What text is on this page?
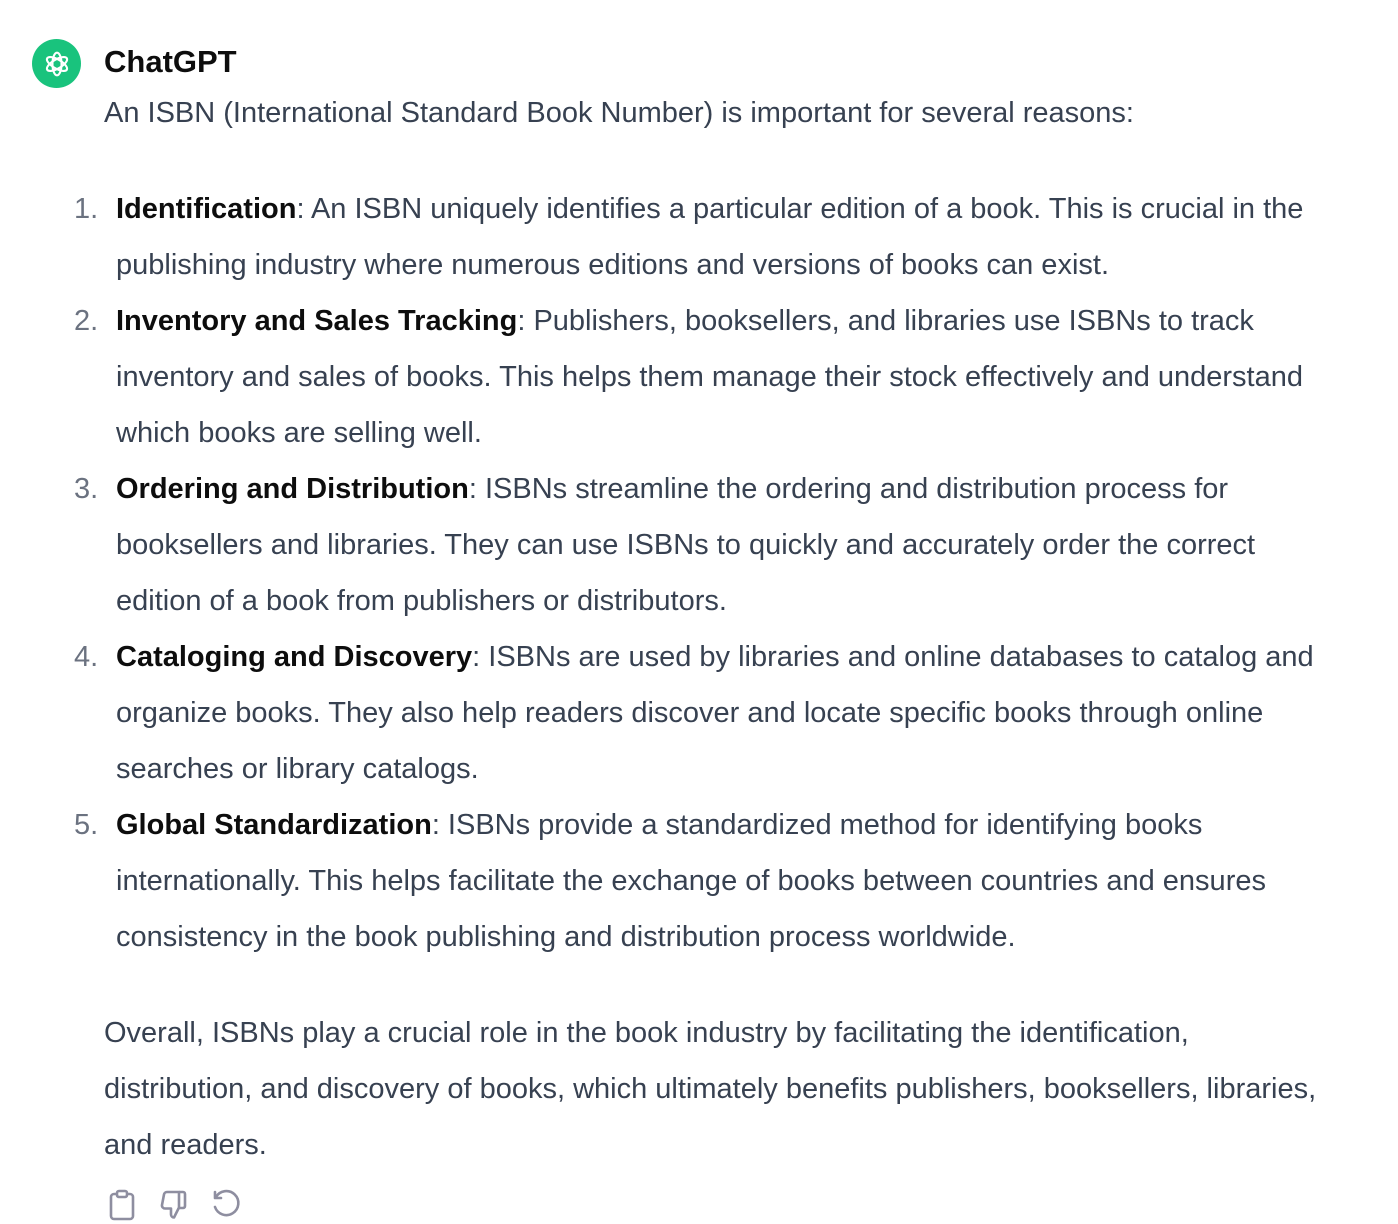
ChatGPT

An ISBN (International Standard Book Number) is important for several reasons:

1. Identification: An ISBN uniquely identifies a particular edition of a book. This is crucial in the publishing industry where numerous editions and versions of books can exist.
2. Inventory and Sales Tracking: Publishers, booksellers, and libraries use ISBNs to track inventory and sales of books. This helps them manage their stock effectively and understand which books are selling well.
3. Ordering and Distribution: ISBNs streamline the ordering and distribution process for booksellers and libraries. They can use ISBNs to quickly and accurately order the correct edition of a book from publishers or distributors.
4. Cataloging and Discovery: ISBNs are used by libraries and online databases to catalog and organize books. They also help readers discover and locate specific books through online searches or library catalogs.
5. Global Standardization: ISBNs provide a standardized method for identifying books internationally. This helps facilitate the exchange of books between countries and ensures consistency in the book publishing and distribution process worldwide.

Overall, ISBNs play a crucial role in the book industry by facilitating the identification, distribution, and discovery of books, which ultimately benefits publishers, booksellers, libraries, and readers.
